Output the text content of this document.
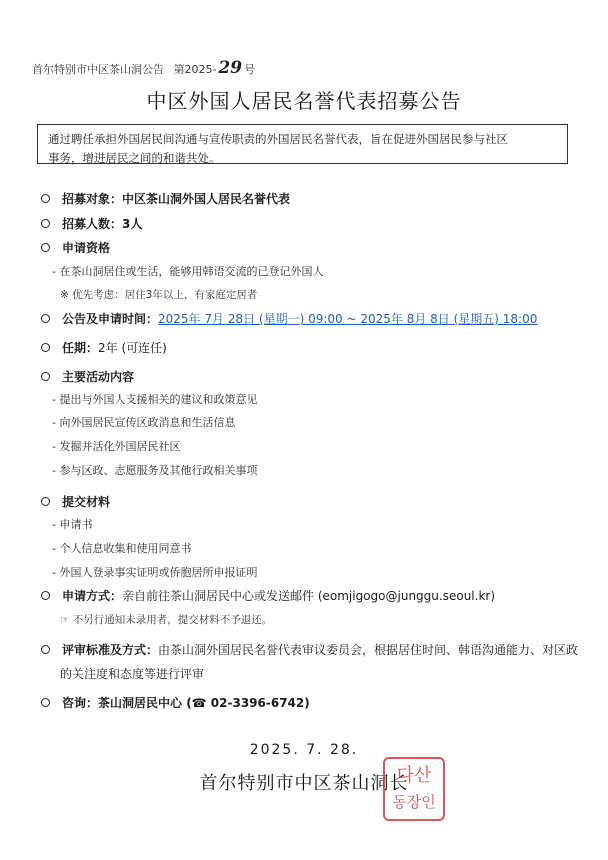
首尔特别市中区茶山洞公告 第2025- 29 号
中区外国人居民名誉代表招募公告
通过聘任承担外国居民间沟通与宣传职责的外国居民名誉代表，旨在促进外国居民参与社区
事务，增进居民之间的和谐共处。
招募对象：中区茶山洞外国人居民名誉代表
招募人数：3人
申请资格
- 在茶山洞居住或生活，能够用韩语交流的已登记外国人
※ 优先考虑：居住3年以上，有家庭定居者
公告及申请时间：2025年 7月 28日 (星期一) 09:00 ~ 2025年 8月 8日 (星期五) 18:00
任期：2年 (可连任)
主要活动内容
- 提出与外国人支援相关的建议和政策意见
- 向外国居民宣传区政消息和生活信息
- 发掘并活化外国居民社区
- 参与区政、志愿服务及其他行政相关事项
提交材料
- 申请书
- 个人信息收集和使用同意书
- 外国人登录事实证明或侨胞居所申报证明
申请方式：亲自前往茶山洞居民中心或发送邮件 (eomjigogo@junggu.seoul.kr)
☞ 不另行通知未录用者，提交材料不予退还。
评审标准及方式：由茶山洞外国居民名誉代表审议委员会，根据居住时间、韩语沟通能力、对区政
的关注度和态度等进行评审
咨询：茶山洞居民中心 (☎ 02-3396-6742)
2025. 7. 28.
首尔特别市中区茶山洞长
다산
동장인
